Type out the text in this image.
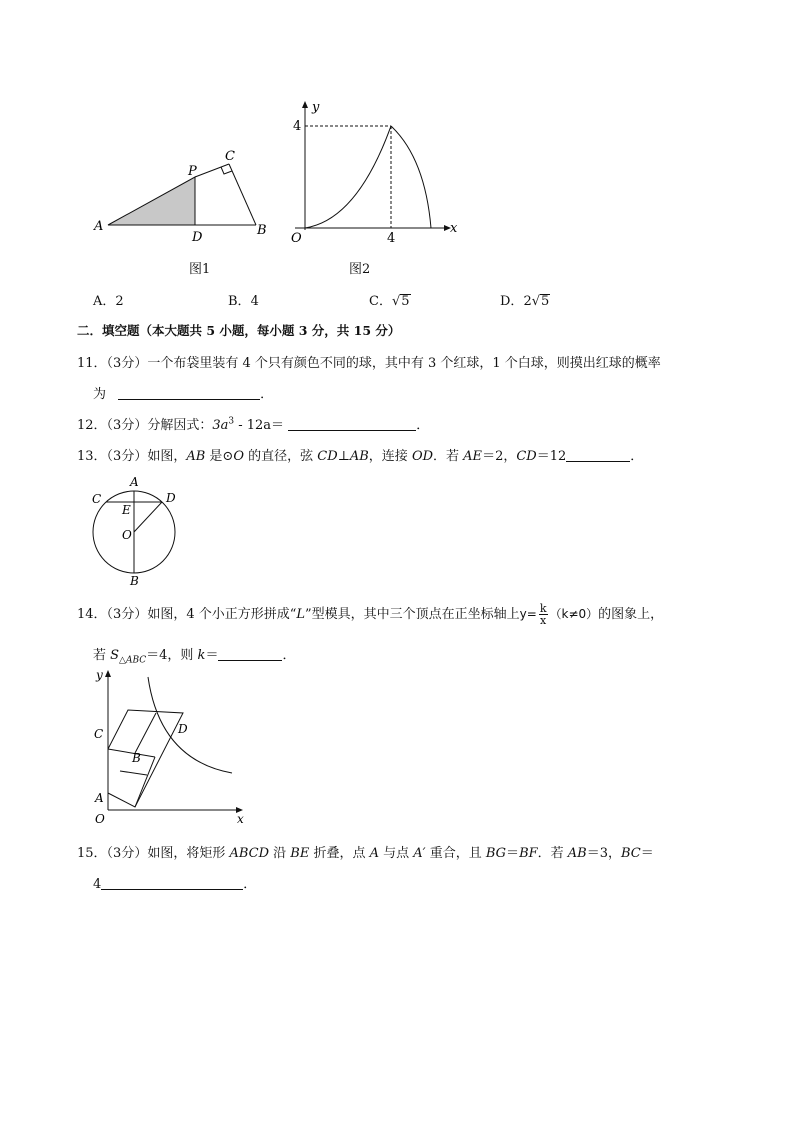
A
P
C
D	B
图1
y
4
O	4
x
图2
A．2	B．4	C．√5	D．2√5
二．填空题（本大题共 5 小题，每小题 3 分，共 15 分）
11．（3分）一个布袋里装有 4 个只有颜色不同的球，其中有 3 个红球，1 个白球，则摸出红球的概率
为	．
12．（3分）分解因式：$3a^3 - 12a=$	．
13．（3分）如图，AB 是⊙O 的直径，弦 CD⊥AB，连接 OD．若 AE＝2，CD＝12	．
A
C	D
E
O
B
14．（3分）如图，4 个小正方形拼成“L”型模具，其中三个顶点在正坐标轴上$y= \frac{k}{x} (k\ne 0)$的图象上，
若 $S_{\triangle ABC}=4$，则 k＝	．
y
C	D
B
A
O	x
15．（3分）如图，将矩形 ABCD 沿 BE 折叠，点 A 与点 A′ 重合，且 BG＝BF．若 AB＝3，BC＝
4	．
